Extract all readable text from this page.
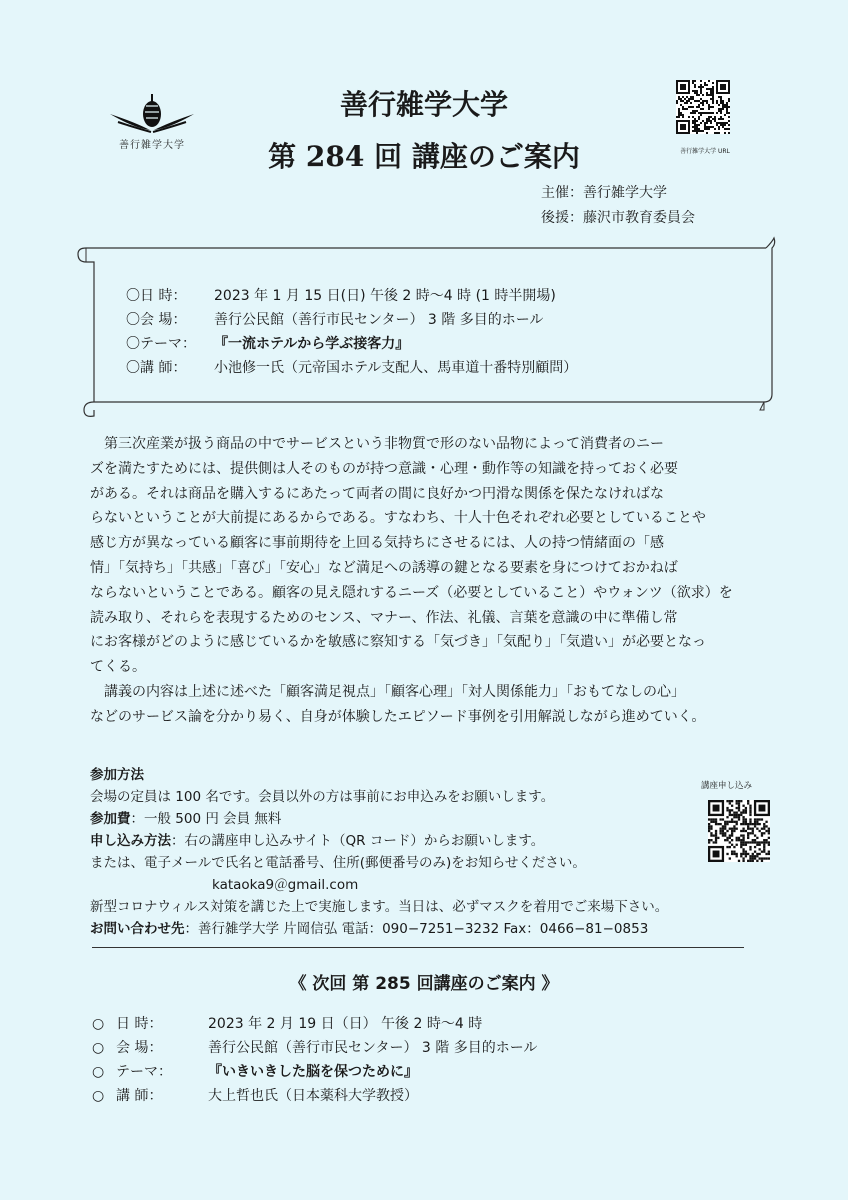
善行雑学大学
善行雑学大学
第 284 回 講座のご案内	善行雑学大学 URL
主催：善行雑学大学
後援：藤沢市教育委員会
〇日 時： 2023 年 1 月 15 日(日) 午後 2 時～4 時 (1 時半開場)
〇会 場： 善行公民館（善行市民センター） 3 階 多目的ホール
〇テーマ： 『一流ホテルから学ぶ接客力』
〇講 師： 小池修一氏（元帝国ホテル支配人、馬車道十番特別顧問）
　第三次産業が扱う商品の中でサービスという非物質で形のない品物によって消費者のニー
ズを満たすためには、提供側は人そのものが持つ意識・心理・動作等の知識を持っておく必要
がある。それは商品を購入するにあたって両者の間に良好かつ円滑な関係を保たなければな
らないということが大前提にあるからである。すなわち、十人十色それぞれ必要としていることや
感じ方が異なっている顧客に事前期待を上回る気持ちにさせるには、人の持つ情緒面の「感
情」「気持ち」「共感」「喜び」「安心」など満足への誘導の鍵となる要素を身につけておかねば
ならないということである。顧客の見え隠れするニーズ（必要としていること）やウォンツ（欲求）を
読み取り、それらを表現するためのセンス、マナー、作法、礼儀、言葉を意識の中に準備し常
にお客様がどのように感じているかを敏感に察知する「気づき」「気配り」「気遣い」が必要となっ
てくる。
　講義の内容は上述に述べた「顧客満足視点」「顧客心理」「対人関係能力」「おもてなしの心」
などのサービス論を分かり易く、自身が体験したエピソード事例を引用解説しながら進めていく。
参加方法
会場の定員は 100 名です。会員以外の方は事前にお申込みをお願いします。
参加費：一般 500 円 会員 無料
申し込み方法：右の講座申し込みサイト（QR コード）からお願いします。
または、電子メールで氏名と電話番号、住所(郵便番号のみ)をお知らせください。
kataoka9＠gmail.com
新型コロナウィルス対策を講じた上で実施します。当日は、必ずマスクを着用でご来場下さい。
お問い合わせ先：善行雑学大学 片岡信弘 電話：090−7251−3232 Fax：0466−81−0853
講座申し込み
《 次回 第 285 回講座のご案内 》
○ 日 時：	2023 年 2 月 19 日（日） 午後 2 時～4 時
○ 会 場：	善行公民館（善行市民センター） 3 階 多目的ホール
○ テーマ：	『いきいきした脳を保つために』
○ 講 師：	大上哲也氏（日本薬科大学教授）
